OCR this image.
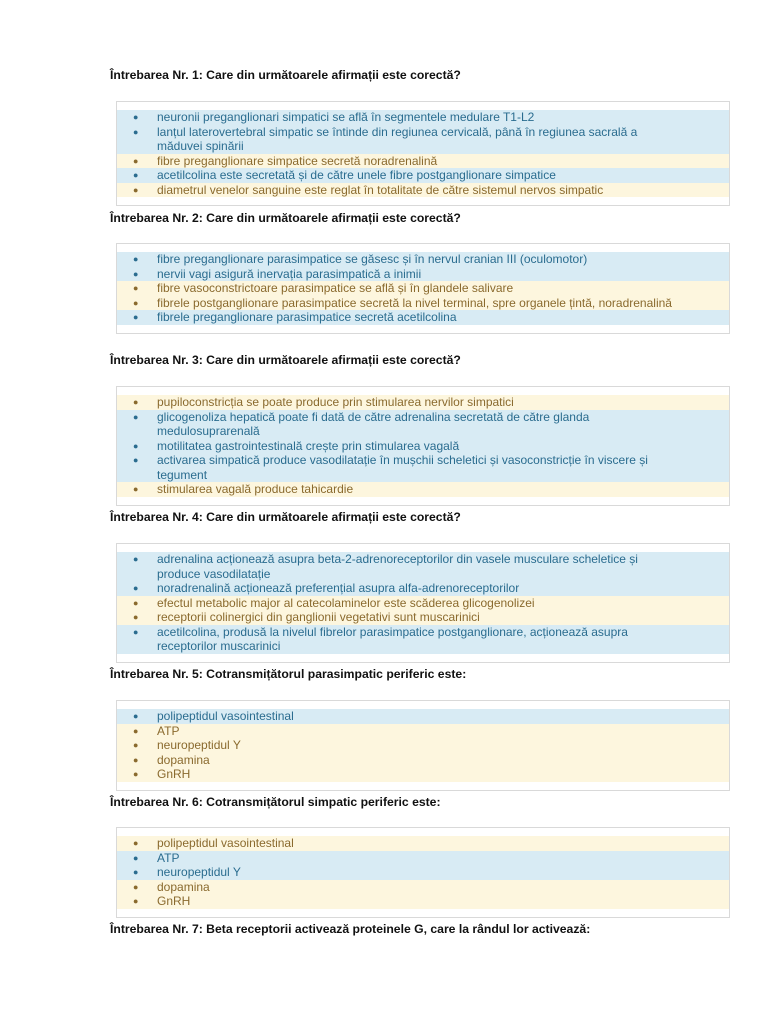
Întrebarea Nr. 1: Care din următoarele afirmații este corectă?
● neuronii preganglionari simpatici se află în segmentele medulare T1-L2
● lanțul laterovertebral simpatic se întinde din regiunea cervicală, până în regiunea sacrală a măduvei spinării
● fibre preganglionare simpatice secretă noradrenalină
● acetilcolina este secretată și de către unele fibre postganglionare simpatice
● diametrul venelor sanguine este reglat în totalitate de către sistemul nervos simpatic
Întrebarea Nr. 2: Care din următoarele afirmații este corectă?
● fibre preganglionare parasimpatice se găsesc și în nervul cranian III (oculomotor)
● nervii vagi asigură inervația parasimpatică a inimii
● fibre vasoconstrictoare parasimpatice se află și în glandele salivare
● fibrele postganglionare parasimpatice secretă la nivel terminal, spre organele țintă, noradrenalină
● fibrele preganglionare parasimpatice secretă acetilcolina
Întrebarea Nr. 3: Care din următoarele afirmații este corectă?
● pupiloconstricția se poate produce prin stimularea nervilor simpatici
● glicogenoliza hepatică poate fi dată de către adrenalina secretată de către glanda medulosuprarenală
● motilitatea gastrointestinală crește prin stimularea vagală
● activarea simpatică produce vasodilatație în mușchii scheletici și vasoconstricție în viscere și tegument
● stimularea vagală produce tahicardie
Întrebarea Nr. 4: Care din următoarele afirmații este corectă?
● adrenalina acționează asupra beta-2-adrenoreceptorilor din vasele musculare scheletice și produce vasodilatație
● noradrenalină acționează preferențial asupra alfa-adrenoreceptorilor
● efectul metabolic major al catecolaminelor este scăderea glicogenolizei
● receptorii colinergici din ganglionii vegetativi sunt muscarinici
● acetilcolina, produsă la nivelul fibrelor parasimpatice postganglionare, acționează asupra receptorilor muscarinici
Întrebarea Nr. 5: Cotransmițătorul parasimpatic periferic este:
● polipeptidul vasointestinal
● ATP
● neuropeptidul Y
● dopamina
● GnRH
Întrebarea Nr. 6: Cotransmițătorul simpatic periferic este:
● polipeptidul vasointestinal
● ATP
● neuropeptidul Y
● dopamina
● GnRH
Întrebarea Nr. 7: Beta receptorii activează proteinele G, care la rândul lor activează:
